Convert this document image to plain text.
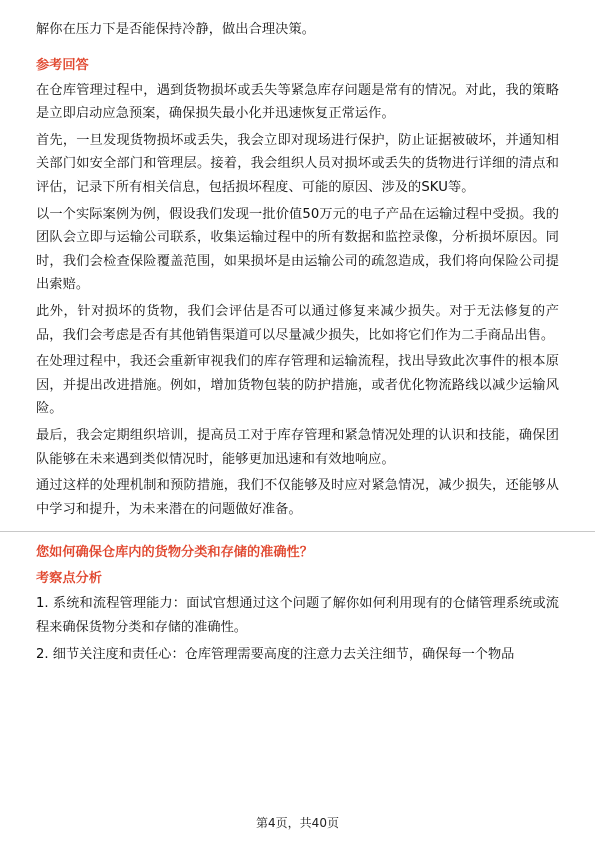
解你在压力下是否能保持冷静，做出合理决策。

参考回答

在仓库管理过程中，遇到货物损坏或丢失等紧急库存问题是常有的情况。对此，我的策略是立即启动应急预案，确保损失最小化并迅速恢复正常运作。

首先，一旦发现货物损坏或丢失，我会立即对现场进行保护，防止证据被破坏，并通知相关部门如安全部门和管理层。接着，我会组织人员对损坏或丢失的货物进行详细的清点和评估，记录下所有相关信息，包括损坏程度、可能的原因、涉及的SKU等。

以一个实际案例为例，假设我们发现一批价值50万元的电子产品在运输过程中受损。我的团队会立即与运输公司联系，收集运输过程中的所有数据和监控录像，分析损坏原因。同时，我们会检查保险覆盖范围，如果损坏是由运输公司的疏忽造成，我们将向保险公司提出索赔。

此外，针对损坏的货物，我们会评估是否可以通过修复来减少损失。对于无法修复的产品，我们会考虑是否有其他销售渠道可以尽量减少损失，比如将它们作为二手商品出售。

在处理过程中，我还会重新审视我们的库存管理和运输流程，找出导致此次事件的根本原因，并提出改进措施。例如，增加货物包装的防护措施，或者优化物流路线以减少运输风险。

最后，我会定期组织培训，提高员工对于库存管理和紧急情况处理的认识和技能，确保团队能够在未来遇到类似情况时，能够更加迅速和有效地响应。

通过这样的处理机制和预防措施，我们不仅能够及时应对紧急情况，减少损失，还能够从中学习和提升，为未来潜在的问题做好准备。

您如何确保仓库内的货物分类和存储的准确性？
考察点分析

1. 系统和流程管理能力：面试官想通过这个问题了解你如何利用现有的仓储管理系统或流程来确保货物分类和存储的准确性。

2. 细节关注度和责任心：仓库管理需要高度的注意力去关注细节，确保每一个物品

第4页，共40页
